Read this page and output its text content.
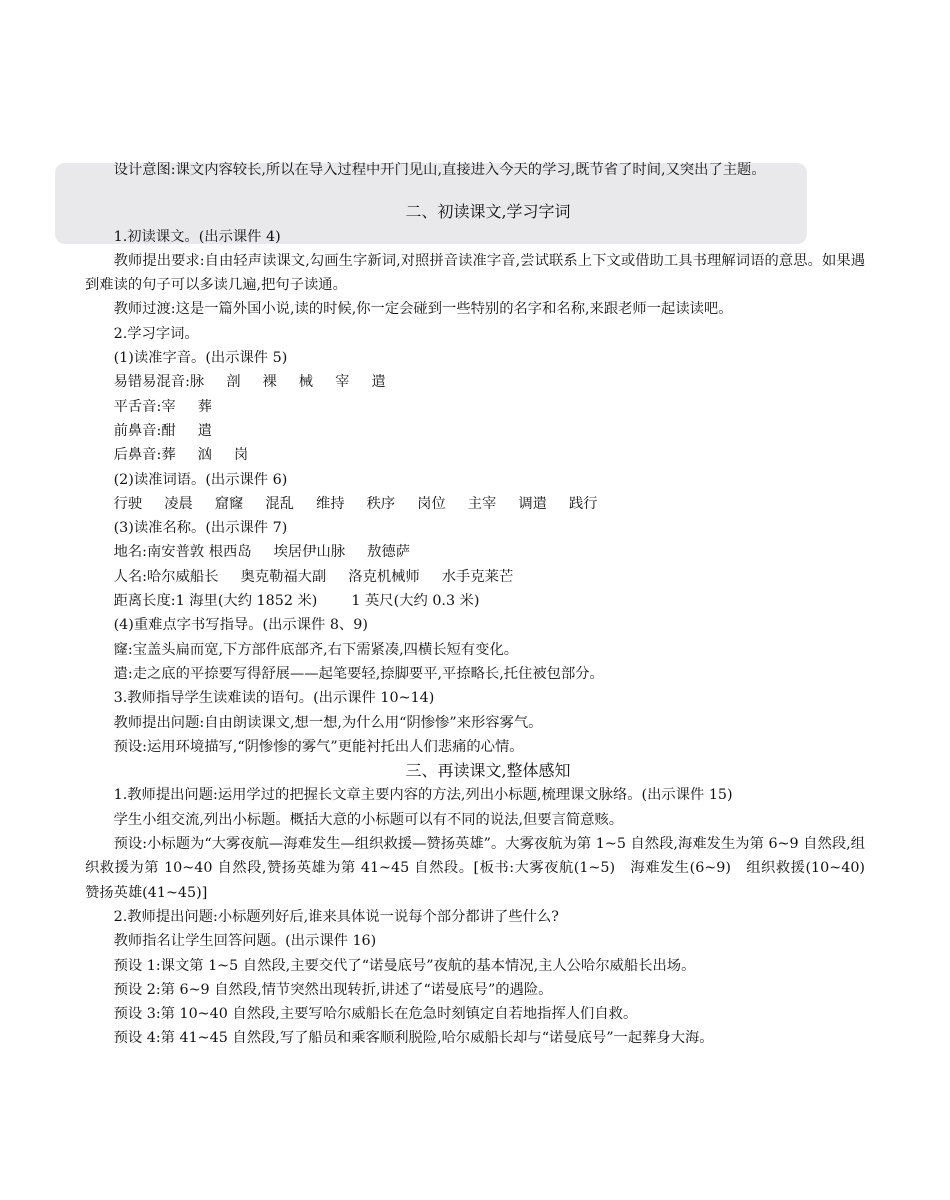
设计意图:课文内容较长,所以在导入过程中开门见山,直接进入今天的学习,既节省了时间,又突出了主题。

二、初读课文,学习字词

1.初读课文。(出示课件 4)

教师提出要求:自由轻声读课文,勾画生字新词,对照拼音读准字音,尝试联系上下文或借助工具书理解词语的意思。如果遇到难读的句子可以多读几遍,把句子读通。

教师过渡:这是一篇外国小说,读的时候,你一定会碰到一些特别的名字和名称,来跟老师一起读读吧。

2.学习字词。

(1)读准字音。(出示课件 5)

易错易混音:脉 剖 裸 械 宰 遣

平舌音:宰 葬

前鼻音:酣 遣

后鼻音:葬 汹 岗

(2)读准词语。(出示课件 6)

行驶 凌晨 窟窿 混乱 维持 秩序 岗位 主宰 调遣 践行

(3)读准名称。(出示课件 7)

地名:南安普敦 根西岛 埃居伊山脉 敖德萨

人名:哈尔威船长 奥克勒福大副 洛克机械师 水手克莱芒

距离长度:1 海里(大约 1852 米) 1 英尺(大约 0.3 米)

(4)重难点字书写指导。(出示课件 8、9)

窿:宝盖头扁而宽,下方部件底部齐,右下需紧凑,四横长短有变化。

遣:走之底的平捺要写得舒展——起笔要轻,捺脚要平,平捺略长,托住被包部分。

3.教师指导学生读难读的语句。(出示课件 10~14)

教师提出问题:自由朗读课文,想一想,为什么用“阴惨惨”来形容雾气。

预设:运用环境描写,“阴惨惨的雾气”更能衬托出人们悲痛的心情。

三、再读课文,整体感知

1.教师提出问题:运用学过的把握长文章主要内容的方法,列出小标题,梳理课文脉络。(出示课件 15)

学生小组交流,列出小标题。概括大意的小标题可以有不同的说法,但要言简意赅。

预设:小标题为“大雾夜航—海难发生—组织救援—赞扬英雄”。大雾夜航为第 1~5 自然段,海难发生为第 6~9 自然段,组织救援为第 10~40 自然段,赞扬英雄为第 41~45 自然段。[板书:大雾夜航(1~5)　海难发生(6~9)　组织救援(10~40)　赞扬英雄(41~45)]

2.教师提出问题:小标题列好后,谁来具体说一说每个部分都讲了些什么?

教师指名让学生回答问题。(出示课件 16)

预设 1:课文第 1~5 自然段,主要交代了“诺曼底号”夜航的基本情况,主人公哈尔威船长出场。

预设 2:第 6~9 自然段,情节突然出现转折,讲述了“诺曼底号”的遇险。

预设 3:第 10~40 自然段,主要写哈尔威船长在危急时刻镇定自若地指挥人们自救。

预设 4:第 41~45 自然段,写了船员和乘客顺利脱险,哈尔威船长却与“诺曼底号”一起葬身大海。
